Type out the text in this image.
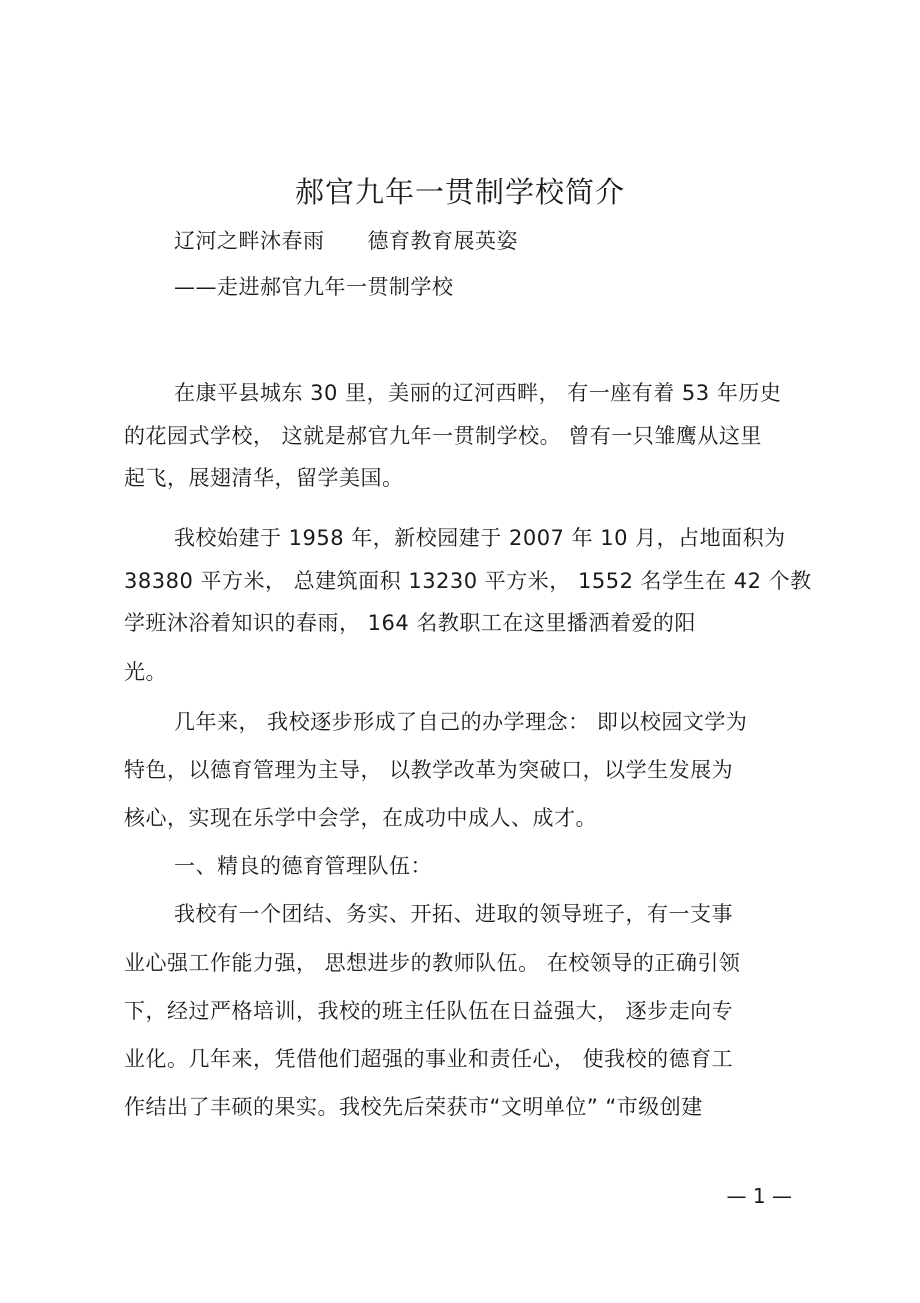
郝官九年一贯制学校简介
辽河之畔沐春雨　　德育教育展英姿
——走进郝官九年一贯制学校
在康平县城东 30 里，美丽的辽河西畔， 有一座有着 53 年历史
的花园式学校， 这就是郝官九年一贯制学校。 曾有一只雏鹰从这里
起飞，展翅清华，留学美国。
我校始建于 1958 年，新校园建于 2007 年 10 月，占地面积为
38380 平方米， 总建筑面积 13230 平方米， 1552 名学生在 42 个教
学班沐浴着知识的春雨， 164 名教职工在这里播洒着爱的阳
光。
几年来， 我校逐步形成了自己的办学理念： 即以校园文学为
特色，以德育管理为主导， 以教学改革为突破口，以学生发展为
核心，实现在乐学中会学，在成功中成人、成才。
一、精良的德育管理队伍：
我校有一个团结、务实、开拓、进取的领导班子，有一支事
业心强工作能力强， 思想进步的教师队伍。 在校领导的正确引领
下，经过严格培训，我校的班主任队伍在日益强大， 逐步走向专
业化。几年来，凭借他们超强的事业和责任心， 使我校的德育工
作结出了丰硕的果实。我校先后荣获市“文明单位” “市级创建
— 1 —
